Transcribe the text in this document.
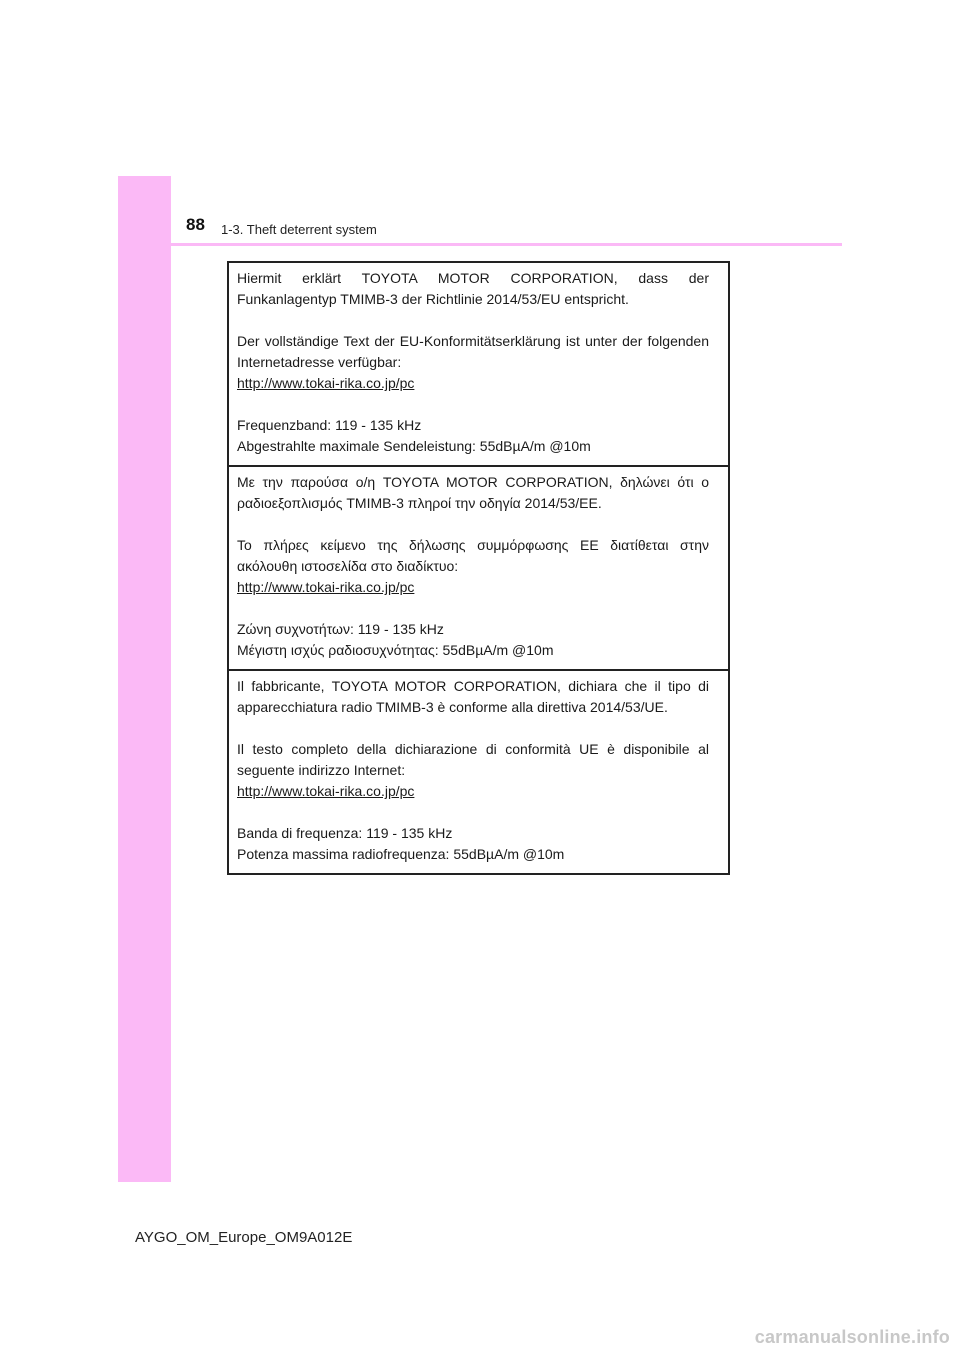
88 1-3. Theft deterrent system

Hiermit erklärt TOYOTA MOTOR CORPORATION, dass der Funkanlagentyp TMIMB-3 der Richtlinie 2014/53/EU entspricht.

Der vollständige Text der EU-Konformitätserklärung ist unter der folgenden Internetadresse verfügbar:

http://www.tokai-rika.co.jp/pc

Frequenzband: 119 - 135 kHz

Abgestrahlte maximale Sendeleistung: 55dBµA/m @10m

Με την παρούσα ο/η TOYOTA MOTOR CORPORATION, δηλώνει ότι ο ραδιοεξοπλισμός TMIMB-3 πληροί την οδηγία 2014/53/ΕΕ.

Το πλήρες κείμενο της δήλωσης συμμόρφωσης ΕΕ διατίθεται στην ακόλουθη ιστοσελίδα στο διαδίκτυο:

http://www.tokai-rika.co.jp/pc

Ζώνη συχνοτήτων: 119 - 135 kHz

Μέγιστη ισχύς ραδιοσυχνότητας: 55dBµA/m @10m

Il fabbricante, TOYOTA MOTOR CORPORATION, dichiara che il tipo di apparecchiatura radio TMIMB-3 è conforme alla direttiva 2014/53/UE.

Il testo completo della dichiarazione di conformità UE è disponibile al seguente indirizzo Internet:

http://www.tokai-rika.co.jp/pc

Banda di frequenza: 119 - 135 kHz

Potenza massima radiofrequenza: 55dBµA/m @10m

AYGO_OM_Europe_OM9A012E
carmanualsonline.info
